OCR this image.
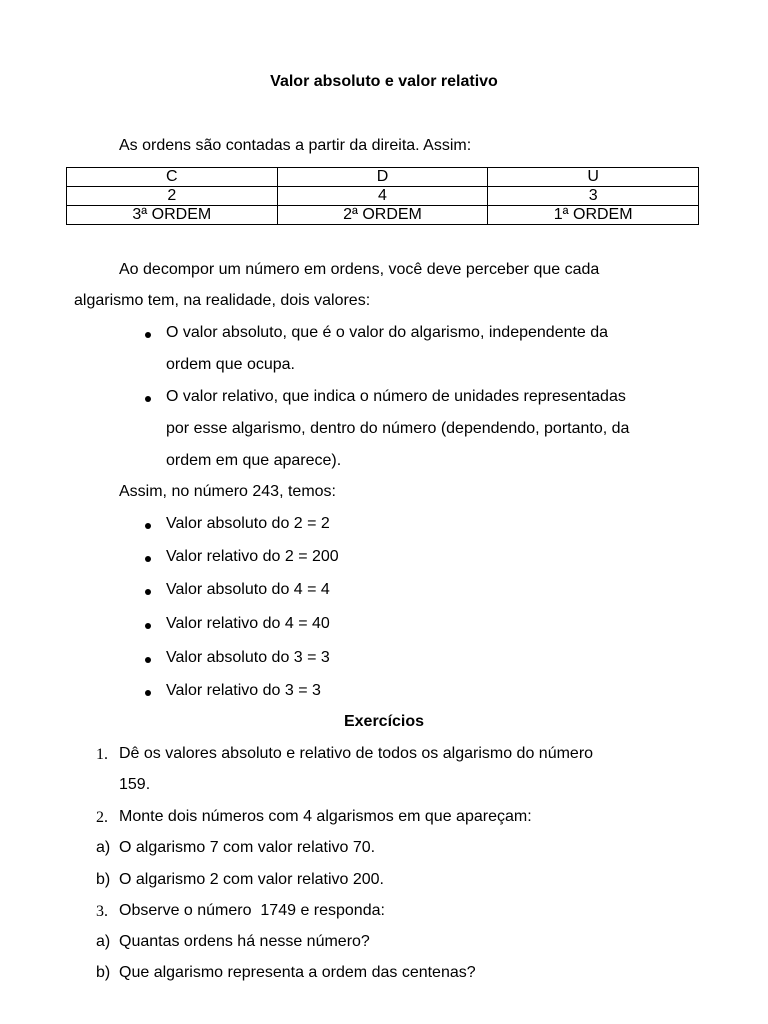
Valor absoluto e valor relativo
As ordens são contadas a partir da direita. Assim:
C	D	U
2	4	3
3ª ORDEM	2ª ORDEM	1ª ORDEM
Ao decompor um número em ordens, você deve perceber que cada
algarismo tem, na realidade, dois valores:
O valor absoluto, que é o valor do algarismo, independente da
ordem que ocupa.
O valor relativo, que indica o número de unidades representadas
por esse algarismo, dentro do número (dependendo, portanto, da
ordem em que aparece).
Assim, no número 243, temos:
Valor absoluto do 2 = 2
Valor relativo do 2 = 200
Valor absoluto do 4 = 4
Valor relativo do 4 = 40
Valor absoluto do 3 = 3
Valor relativo do 3 = 3
Exercícios
1. Dê os valores absoluto e relativo de todos os algarismo do número
159.
2. Monte dois números com 4 algarismos em que apareçam:
a) O algarismo 7 com valor relativo 70.
b) O algarismo 2 com valor relativo 200.
3. Observe o número  1749 e responda:
a) Quantas ordens há nesse número?
b) Que algarismo representa a ordem das centenas?
